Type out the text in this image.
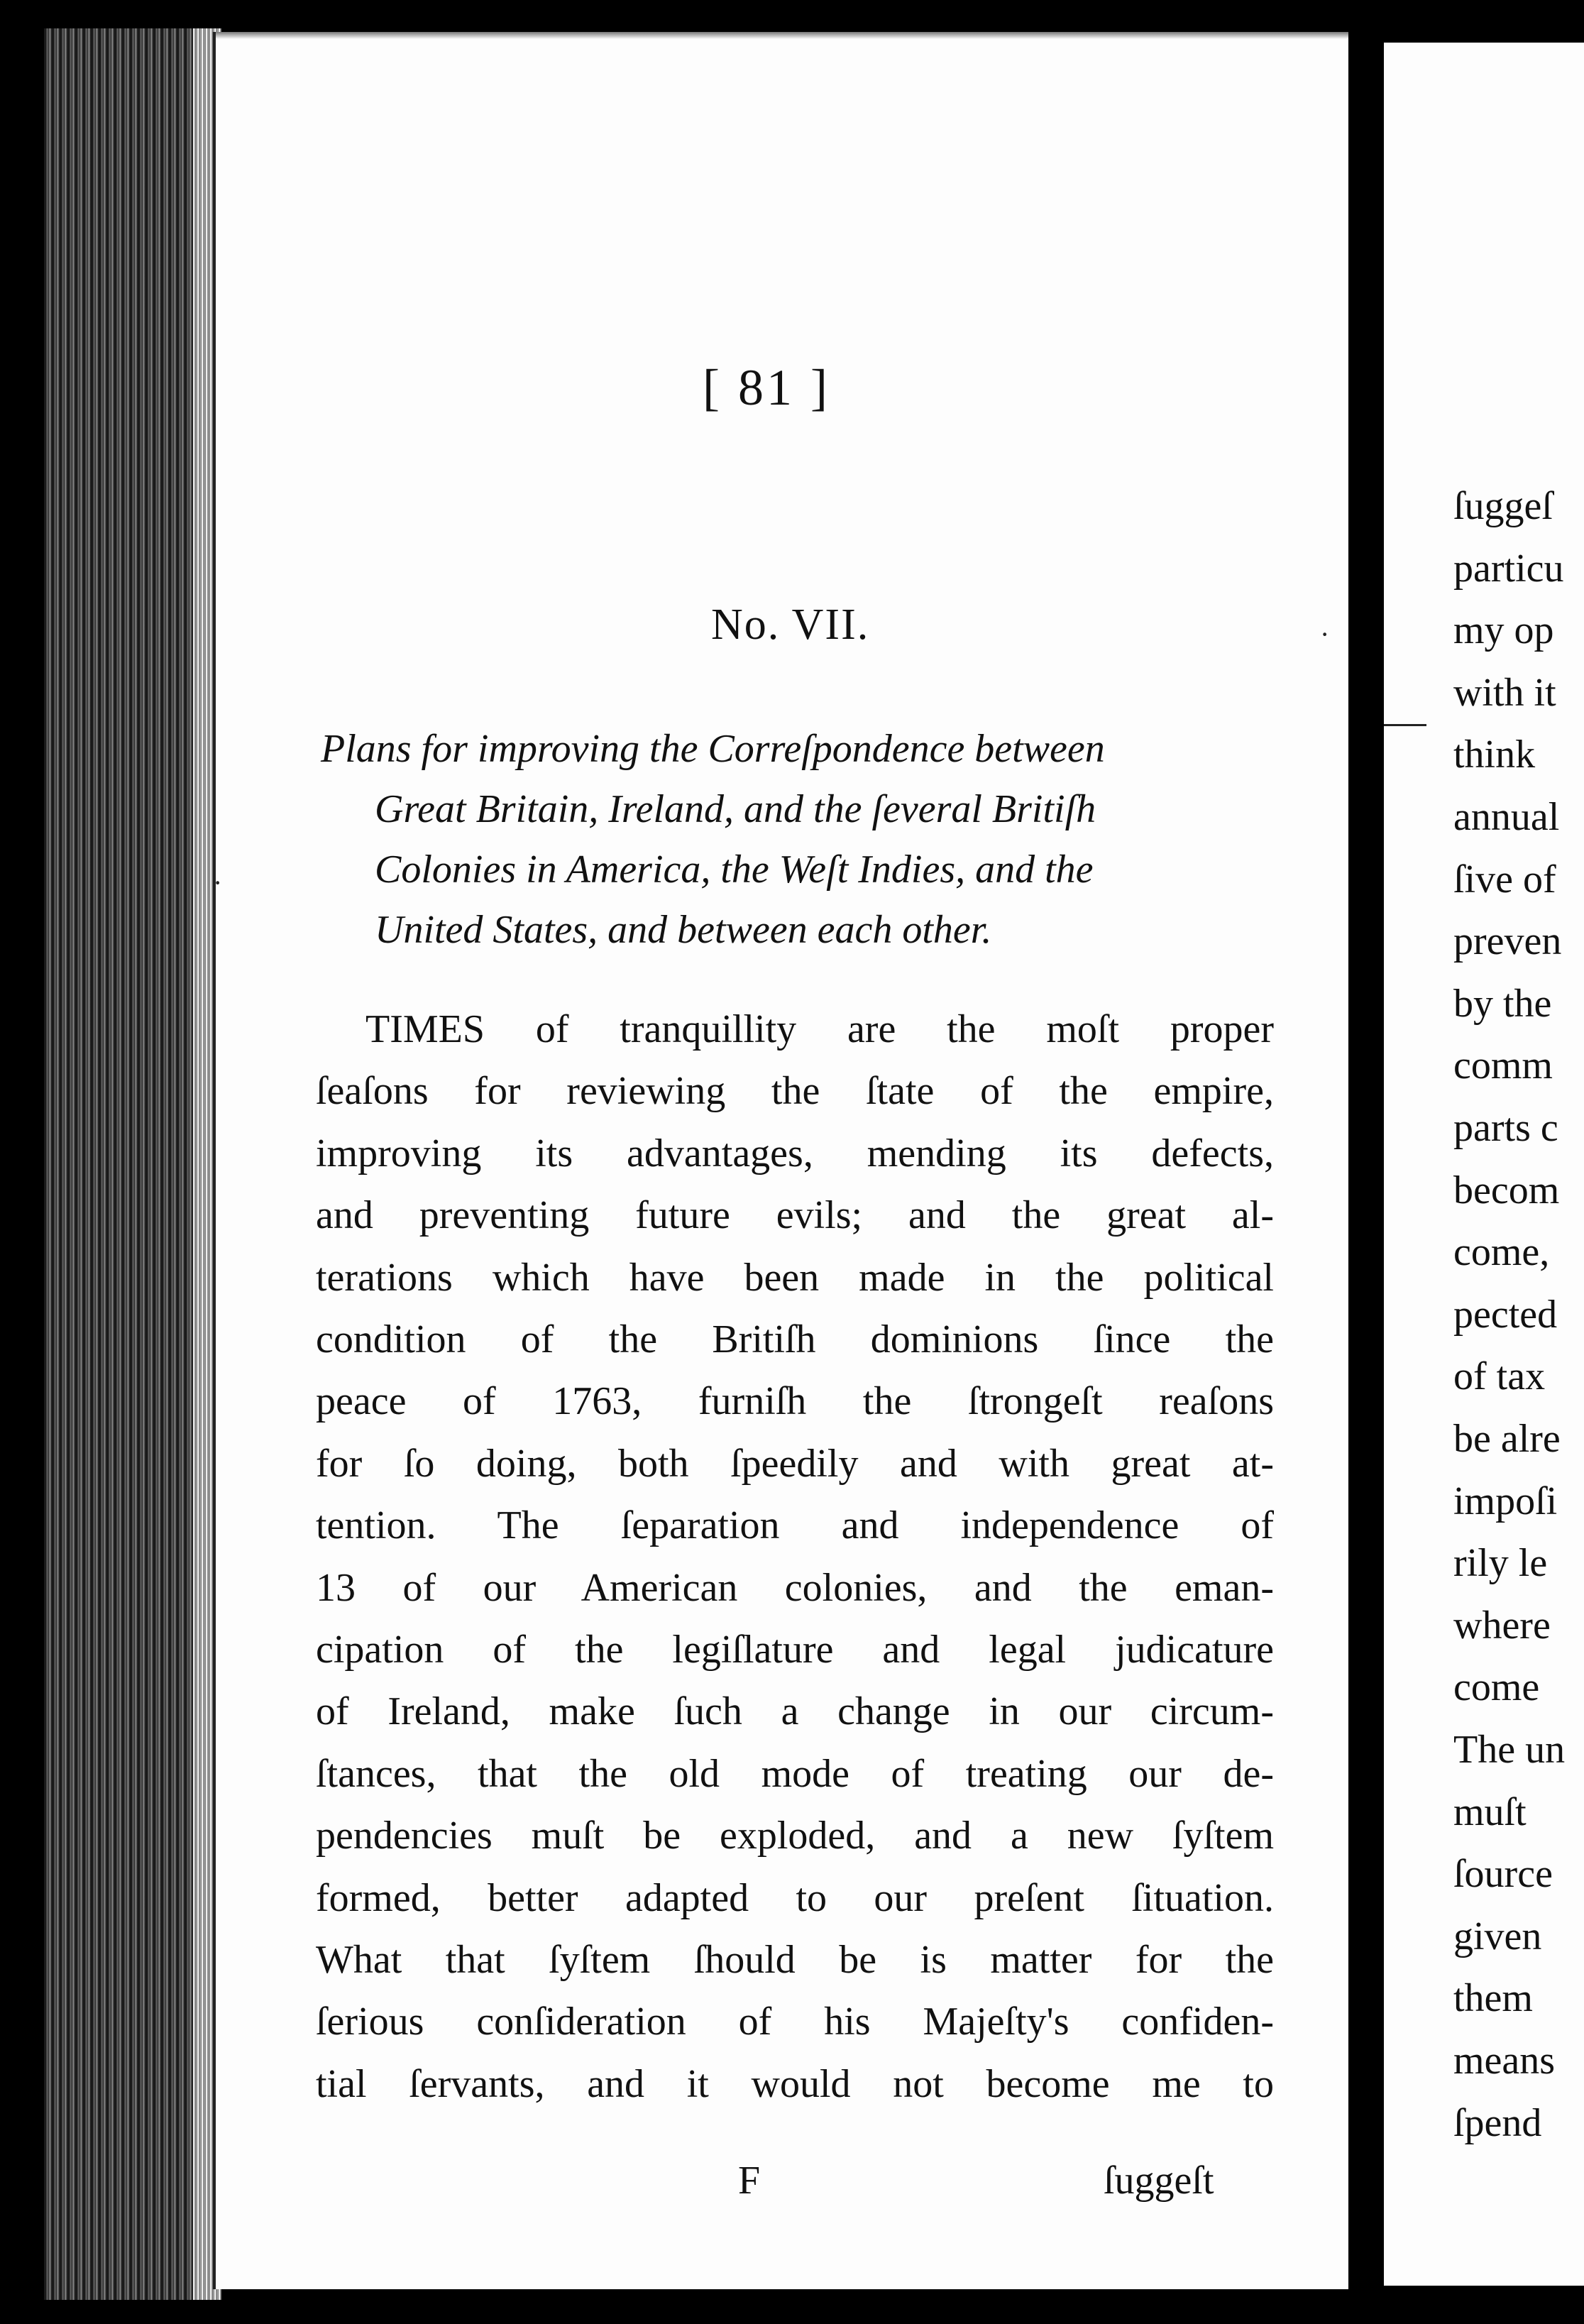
ſuggeſ
particu
my op
with it
think
annual
ſive of
preven
by the
comm
parts c
becom
come,
pected
of tax
be alre
impoſi
rily le
where
come
The un
muſt
ſource
given
them
means
ſpend
[ 81 ]
No. VII.
Plans for improving the Correſpondence between
Great Britain, Ireland, and the ſeveral Britiſh
Colonies in America, the Weſt Indies, and the
United States, and between each other.
TIMES of tranquillity are the moſt proper
ſeaſons for reviewing the ſtate of the empire,
improving its advantages, mending its defects,
and preventing future evils; and the great al-
terations which have been made in the political
condition of the Britiſh dominions ſince the
peace of 1763, furniſh the ſtrongeſt reaſons
for ſo doing, both ſpeedily and with great at-
tention. The ſeparation and independence of
13 of our American colonies, and the eman-
cipation of the legiſlature and legal judicature
of Ireland, make ſuch a change in our circum-
ſtances, that the old mode of treating our de-
pendencies muſt be exploded, and a new ſyſtem
formed, better adapted to our preſent ſituation.
What that ſyſtem ſhould be is matter for the
ſerious conſideration of his Majeſty's confiden-
tial ſervants, and it would not become me to
F	ſuggeſt
·
·
